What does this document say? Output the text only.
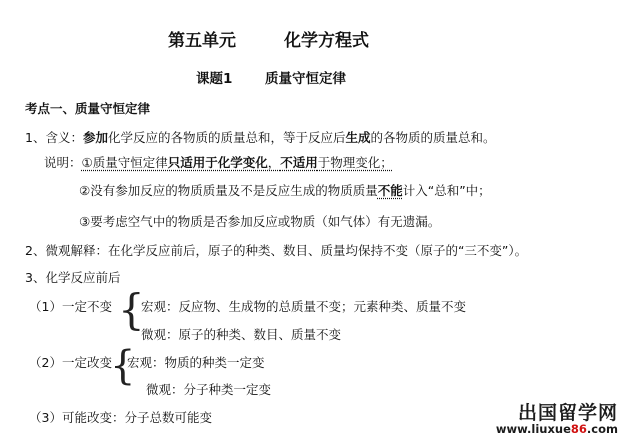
第五单元	化学方程式
课题1 质量守恒定律
考点一、质量守恒定律
1、含义：参加化学反应的各物质的质量总和，等于反应后生成的各物质的质量总和。
说明：①质量守恒定律只适用于化学变化，不适用于物理变化；
②没有参加反应的物质质量及不是反应生成的物质质量不能计入“总和”中；
③要考虑空气中的物质是否参加反应或物质（如气体）有无遗漏。
2、微观解释：在化学反应前后，原子的种类、数目、质量均保持不变（原子的“三不变”）。
3、化学反应前后
（1）一定不变 {
宏观：反应物、生成物的总质量不变；元素种类、质量不变
微观：原子的种类、数目、质量不变
（2）一定改变
{
宏观：物质的种类一定变
微观：分子种类一定变
（3）可能改变：分子总数可能变	出国留学网
www.liuxue86.com
